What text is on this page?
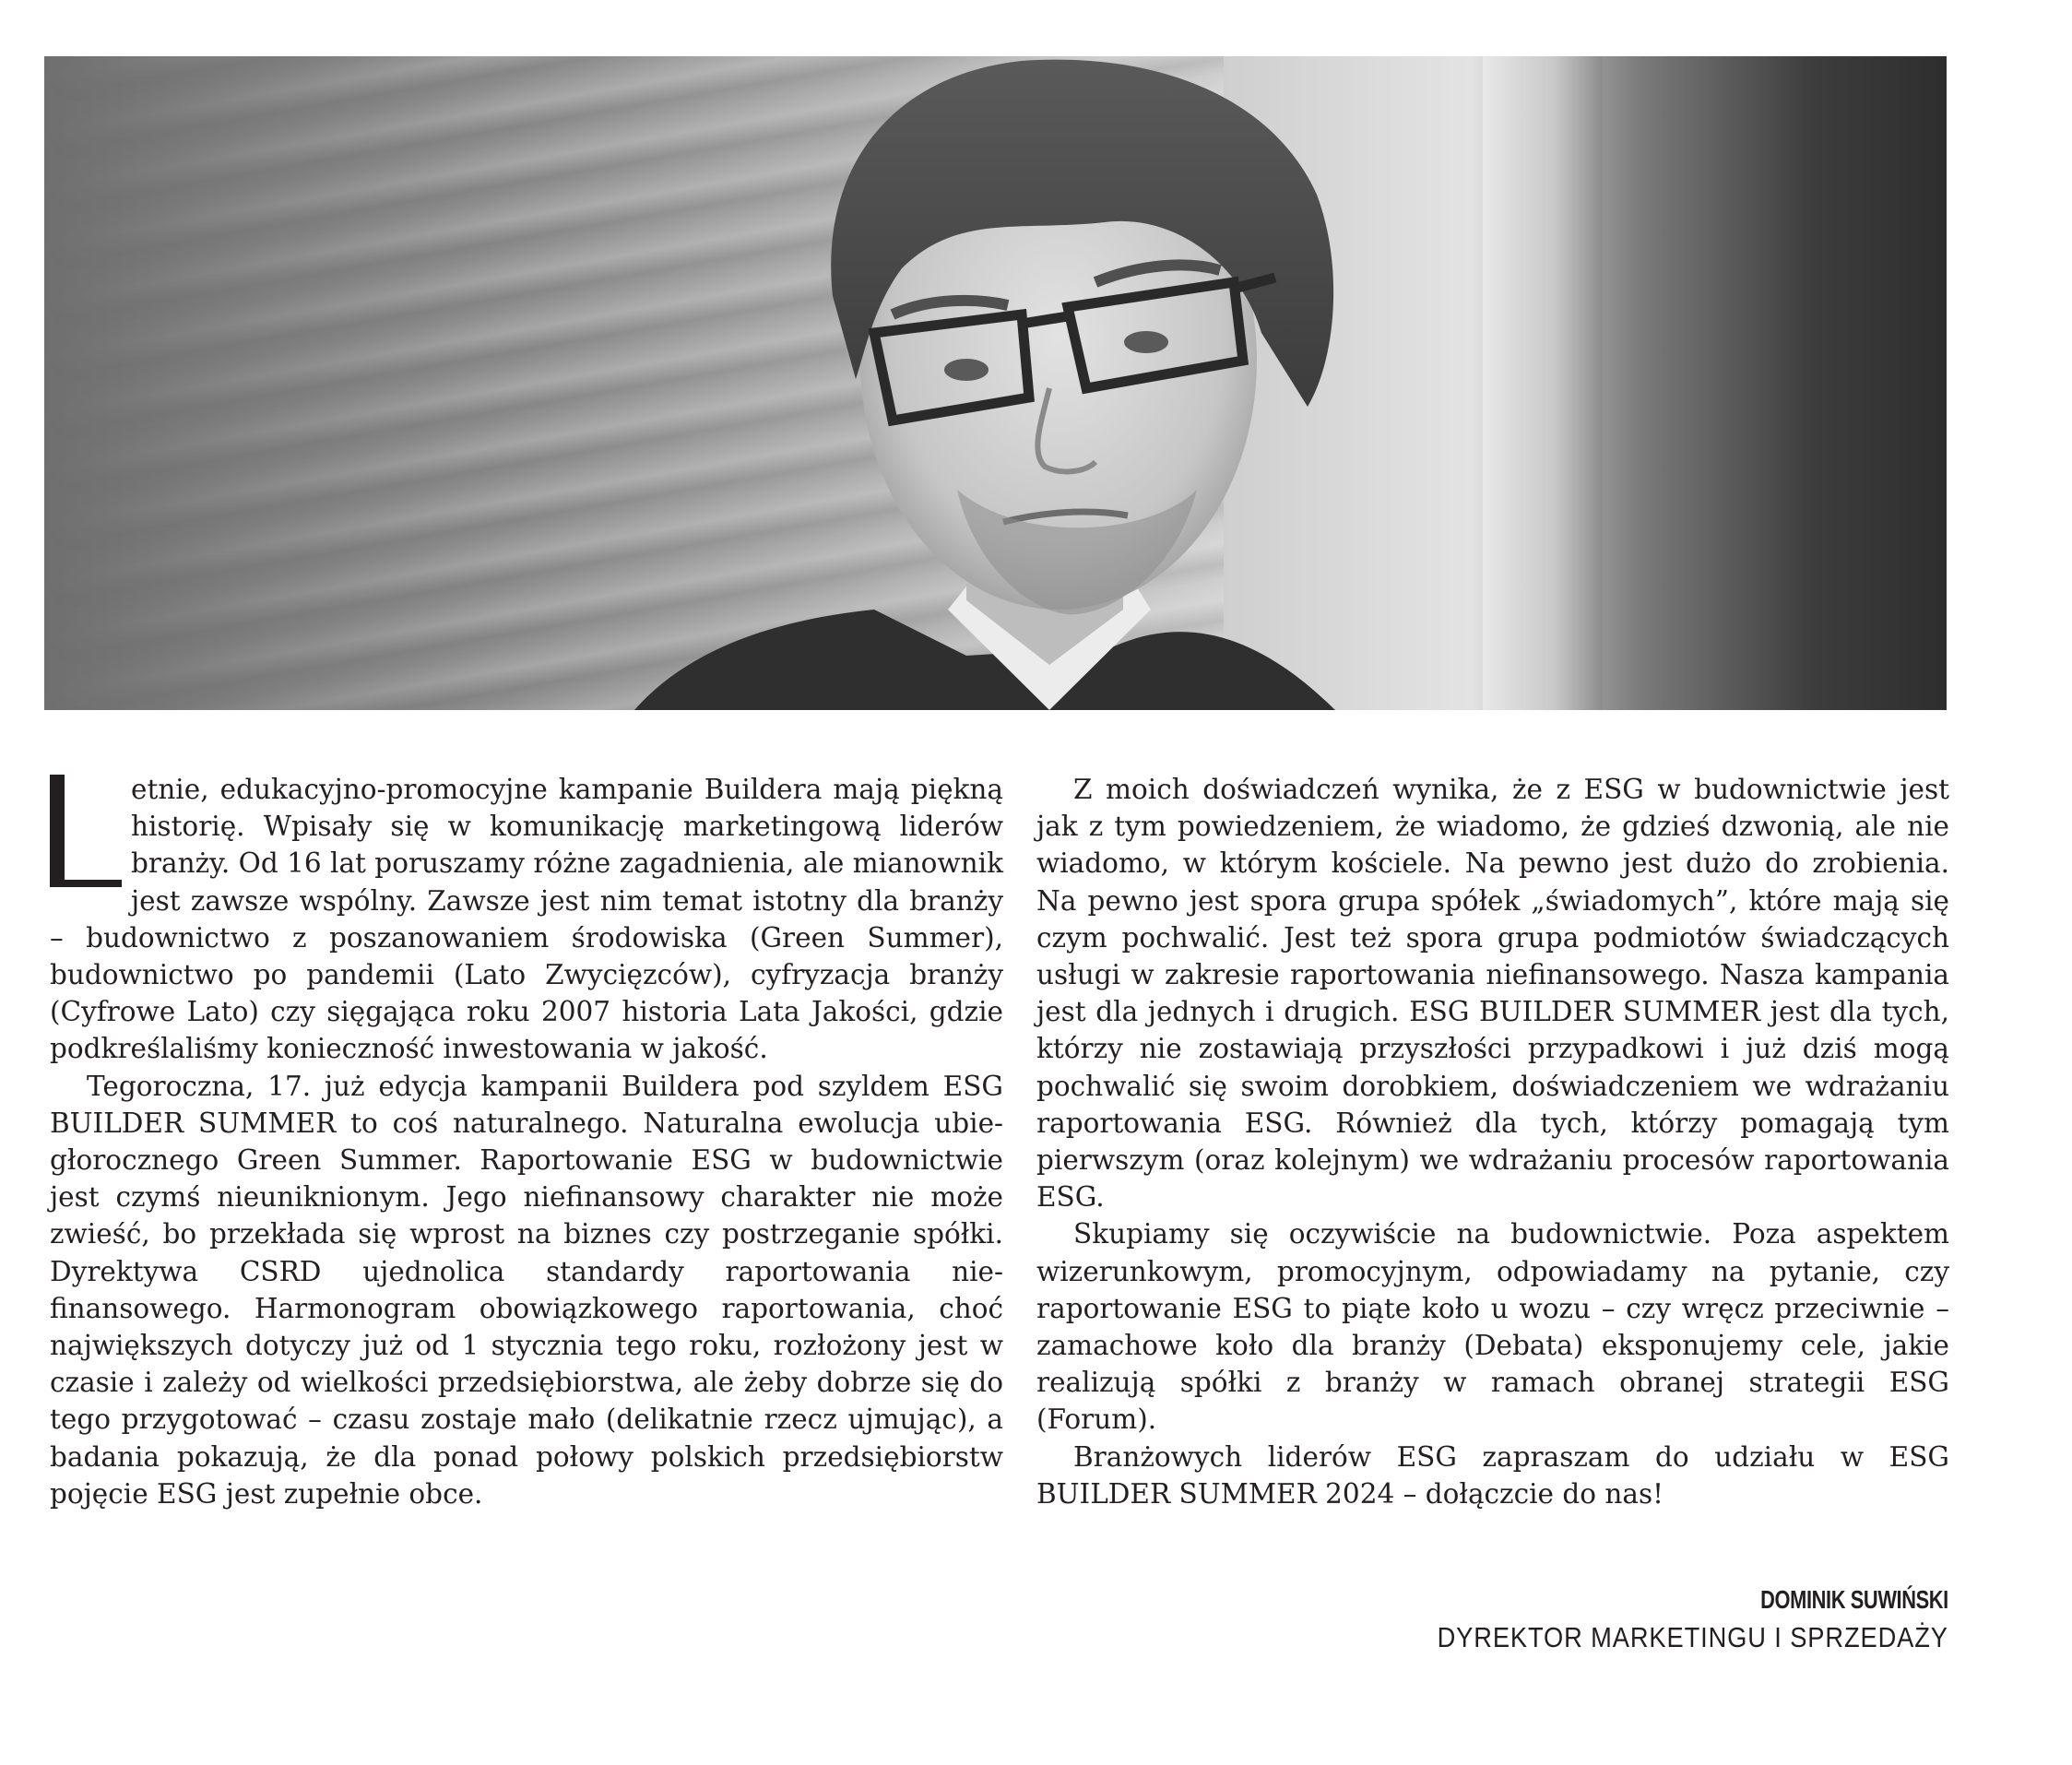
etnie, edukacyjno-promocyjne kampanie Buildera mają piękną historię. Wpisały się w komunikację marketingową liderów branży. Od 16 lat poruszamy różne zagadnienia, ale mianownik jest zawsze wspólny. Zawsze jest nim temat istotny dla branży – budownictwo z poszanowaniem środowiska (Green Summer), budownictwo po pandemii (Lato Zwycięzców), cyfryzacja branży (Cyfrowe Lato) czy sięgająca roku 2007 historia Lata Jakości, gdzie podkreślaliśmy konieczność inwestowania w jakość.

Tegoroczna, 17. już edycja kampanii Buildera pod szyldem ESG BUILDER SUMMER to coś naturalnego. Naturalna ewolucja ubiegłorocznego Green Summer. Raportowanie ESG w budownictwie jest czymś nieuniknionym. Jego niefinansowy charakter nie może zwieść, bo przekłada się wprost na biznes czy postrzeganie spółki. Dyrektywa CSRD ujednolica standardy raportowania niefinansowego. Harmonogram obowiązkowego raportowania, choć największych dotyczy już od 1 stycznia tego roku, rozłożony jest w czasie i zależy od wielkości przedsiębiorstwa, ale żeby dobrze się do tego przygotować – czasu zostaje mało (delikatnie rzecz ujmując), a badania pokazują, że dla ponad połowy polskich przedsiębiorstw pojęcie ESG jest zupełnie obce.

Z moich doświadczeń wynika, że z ESG w budownictwie jest jak z tym powiedzeniem, że wiadomo, że gdzieś dzwonią, ale nie wiadomo, w którym kościele. Na pewno jest dużo do zrobienia. Na pewno jest spora grupa spółek „świadomych”, które mają się czym pochwalić. Jest też spora grupa podmiotów świadczących usługi w zakresie raportowania niefinansowego. Nasza kampania jest dla jednych i drugich. ESG BUILDER SUMMER jest dla tych, którzy nie zostawiają przyszłości przypadkowi i już dziś mogą pochwalić się swoim dorobkiem, doświadczeniem we wdrażaniu raportowania ESG. Również dla tych, którzy pomagają tym pierwszym (oraz kolejnym) we wdrażaniu procesów raportowania ESG.

Skupiamy się oczywiście na budownictwie. Poza aspektem wizerunkowym, promocyjnym, odpowiadamy na pytanie, czy raportowanie ESG to piąte koło u wozu – czy wręcz przeciwnie – zamachowe koło dla branży (Debata) eksponujemy cele, jakie realizują spółki z branży w ramach obranej strategii ESG (Forum).

Branżowych liderów ESG zapraszam do udziału w ESG BUILDER SUMMER 2024 – dołączcie do nas!

DOMINIK SUWIŃSKI
DYREKTOR MARKETINGU I SPRZEDAŻY
